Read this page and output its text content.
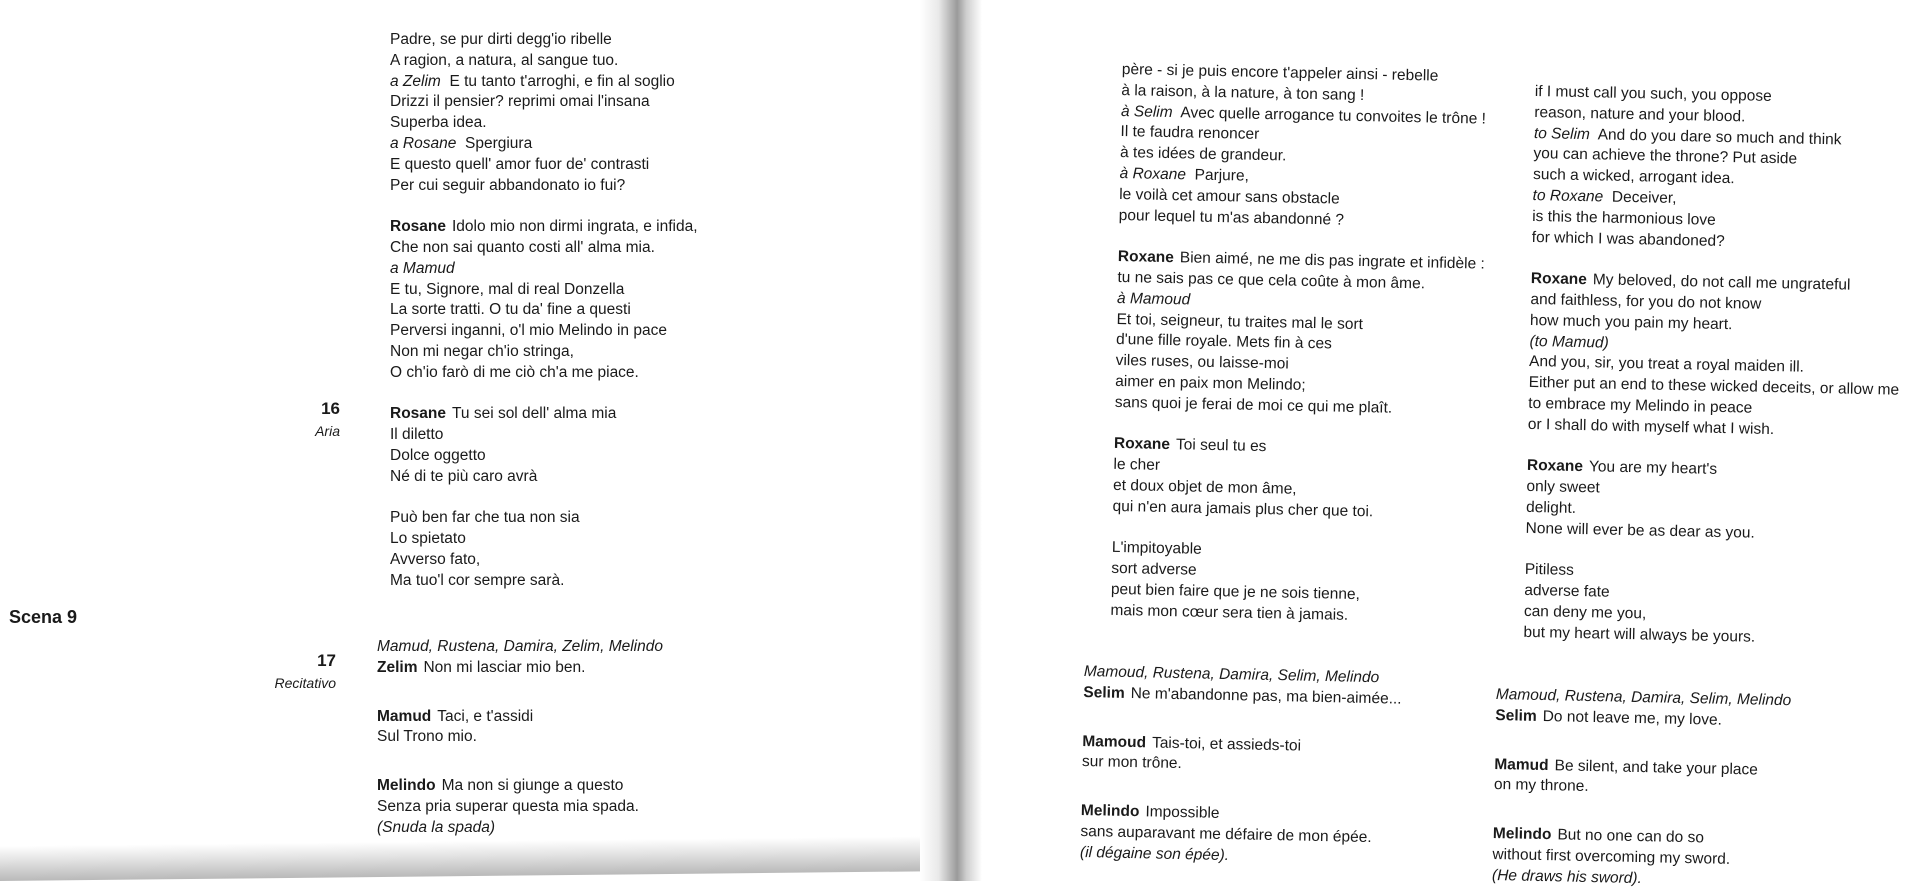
Padre, se pur dirti degg'io ribelle
A ragion, a natura, al sangue tuo.
a Zelim E tu tanto t'arroghi, e fin al soglio
Drizzi il pensier? reprimi omai l'insana
Superba idea.
a Rosane Spergiura
E questo quell' amor fuor de' contrasti
Per cui seguir abbandonato io fui?
Rosane Idolo mio non dirmi ingrata, e infida,
Che non sai quanto costi all' alma mia.
a Mamud
E tu, Signore, mal di real Donzella
La sorte tratti. O tu da' fine a questi
Perversi inganni, o'l mio Melindo in pace
Non mi negar ch'io stringa,
O ch'io farò di me ciò ch'a me piace.
Rosane Tu sei sol dell' alma mia
Il diletto
Dolce oggetto
Né di te più caro avrà
Può ben far che tua non sia
Lo spietato
Avverso fato,
Ma tuo'l cor sempre sarà.
16
Aria
Scena 9
17
Recitativo
Mamud, Rustena, Damira, Zelim, Melindo
Zelim Non mi lasciar mio ben.
Mamud Taci, e t'assidi
Sul Trono mio.
Melindo Ma non si giunge a questo
Senza pria superar questa mia spada.
(Snuda la spada)
père - si je puis encore t'appeler ainsi - rebelle
à la raison, à la nature, à ton sang !
à Selim Avec quelle arrogance tu convoites le trône !
Il te faudra renoncer
à tes idées de grandeur.
à Roxane Parjure,
le voilà cet amour sans obstacle
pour lequel tu m'as abandonné ?
Roxane Bien aimé, ne me dis pas ingrate et infidèle :
tu ne sais pas ce que cela coûte à mon âme.
à Mamoud
Et toi, seigneur, tu traites mal le sort
d'une fille royale. Mets fin à ces
viles ruses, ou laisse-moi
aimer en paix mon Melindo;
sans quoi je ferai de moi ce qui me plaît.
Roxane Toi seul tu es
le cher
et doux objet de mon âme,
qui n'en aura jamais plus cher que toi.
L'impitoyable
sort adverse
peut bien faire que je ne sois tienne,
mais mon cœur sera tien à jamais.
Mamoud, Rustena, Damira, Selim, Melindo
Selim Ne m'abandonne pas, ma bien-aimée...
Mamoud Tais-toi, et assieds-toi
sur mon trône.
Melindo Impossible
sans auparavant me défaire de mon épée.
(il dégaine son épée).
if I must call you such, you oppose
reason, nature and your blood.
to Selim And do you dare so much and think
you can achieve the throne? Put aside
such a wicked, arrogant idea.
to Roxane Deceiver,
is this the harmonious love
for which I was abandoned?
Roxane My beloved, do not call me ungrateful
and faithless, for you do not know
how much you pain my heart.
(to Mamud)
And you, sir, you treat a royal maiden ill.
Either put an end to these wicked deceits, or allow me
to embrace my Melindo in peace
or I shall do with myself what I wish.
Roxane You are my heart's
only sweet
delight.
None will ever be as dear as you.
Pitiless
adverse fate
can deny me you,
but my heart will always be yours.
Mamoud, Rustena, Damira, Selim, Melindo
Selim Do not leave me, my love.
Mamud Be silent, and take your place
on my throne.
Melindo But no one can do so
without first overcoming my sword.
(He draws his sword).
